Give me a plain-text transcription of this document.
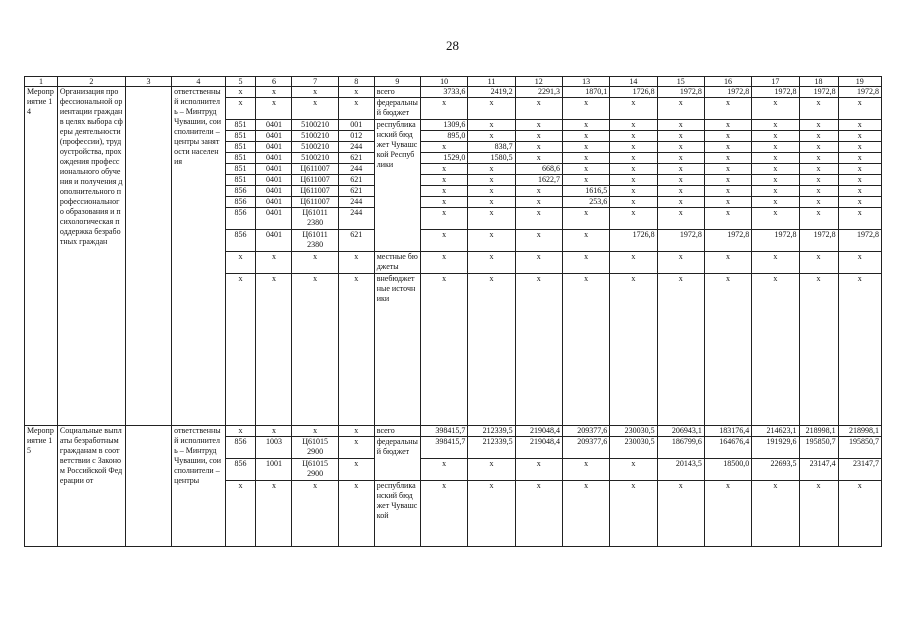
28
1	2	3	4	5	6	7	8	9	10	11	12	13	14	15	16	17	18	19
Мероприятие 14	Организация профессиональной ориентации граждан в целях выбора сферы деятельности (профессии), трудоустройства, прохождения профессионального обучения и получения дополнительного профессионального образования и психологическая поддержка безработных граждан		ответственный исполнитель – Минтруд Чувашии, соисполнители – центры занятости населения	x	x	x	x	всего	3733,6	2419,2	2291,3	1870,1	1726,8	1972,8	1972,8	1972,8	1972,8	1972,8
				x	x	x	x	федеральный бюджет	x	x	x	x	x	x	x	x	x	x
				851	0401	5100210	001	республиканский бюджет Чувашской Республики	1309,6	x	x	x	x	x	x	x	x	x
				851	0401	5100210	012		895,0	x	x	x	x	x	x	x	x	x
				851	0401	5100210	244		x	838,7	x	x	x	x	x	x	x	x
				851	0401	5100210	621		1529,0	1580,5	x	x	x	x	x	x	x	x
				851	0401	Ц611007	244		x	x	668,6	x	x	x	x	x	x	x
				851	0401	Ц611007	621		x	x	1622,7	x	x	x	x	x	x	x
				856	0401	Ц611007	621		x	x	x	1616,5	x	x	x	x	x	x
				856	0401	Ц611007	244		x	x	x	253,6	x	x	x	x	x	x
				856	0401	Ц61011 2380	244		x	x	x	x	x	x	x	x	x	x
				856	0401	Ц61011 2380	621		x	x	x	x	1726,8	1972,8	1972,8	1972,8	1972,8	1972,8
				x	x	x	x	местные бюджеты	x	x	x	x	x	x	x	x	x	x
				x	x	x	x	внебюджетные источники	x	x	x	x	x	x	x	x	x	x
Мероприятие 15	Социальные выплаты безработным гражданам в соответствии с Законом Российской Федерации от		ответственный исполнитель – Минтруд Чувашии, соисполнители – центры	x	x	x	x	всего	398415,7	212339,5	219048,4	209377,6	230030,5	206943,1	183176,4	214623,1	218998,1	218998,1
				856	1003	Ц61015 2900	x	федеральный бюджет	398415,7	212339,5	219048,4	209377,6	230030,5	186799,6	164676,4	191929,6	195850,7	195850,7
				856	1001	Ц61015 2900	x		x	x	x	x	x	20143,5	18500,0	22693,5	23147,4	23147,7
				x	x	x	x	республиканский бюджет Чувашской	x	x	x	x	x	x	x	x	x	x
